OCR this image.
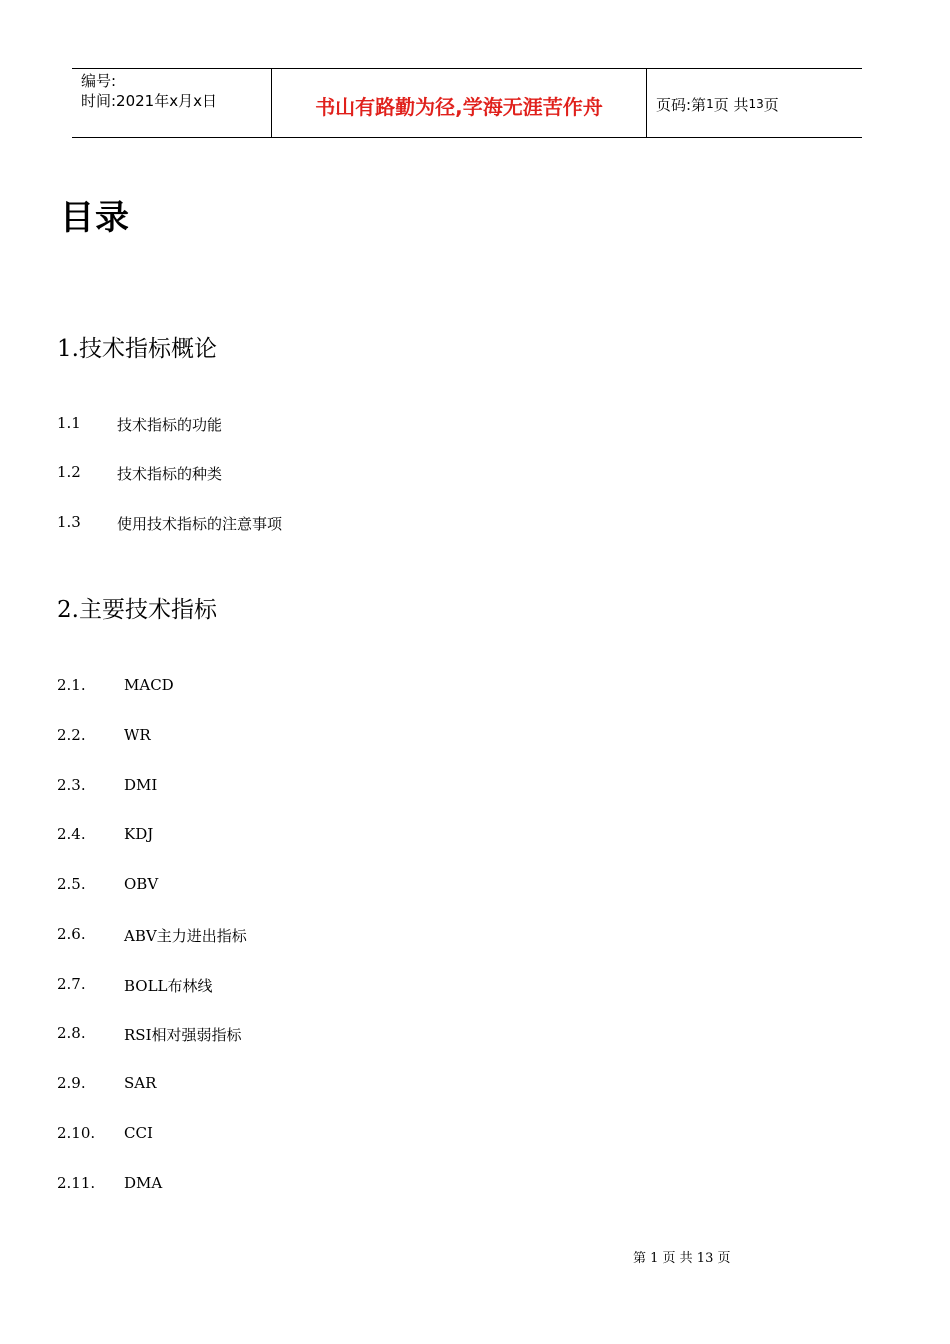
编号:
时间:2021年x月x日	书山有路勤为径,学海无涯苦作舟	页码:第 1 页 共 13 页
目录
1.技术指标概论
1.1	技术指标的功能
1.2	技术指标的种类
1.3	使用技术指标的注意事项
2.主要技术指标
2.1.	MACD
2.2.	WR
2.3.	DMI
2.4.	KDJ
2.5.	OBV
2.6.	ABV主力进出指标
2.7.	BOLL布林线
2.8.	RSI相对强弱指标
2.9.	SAR
2.10.	CCI
2.11.	DMA
第 1 页 共 13 页
